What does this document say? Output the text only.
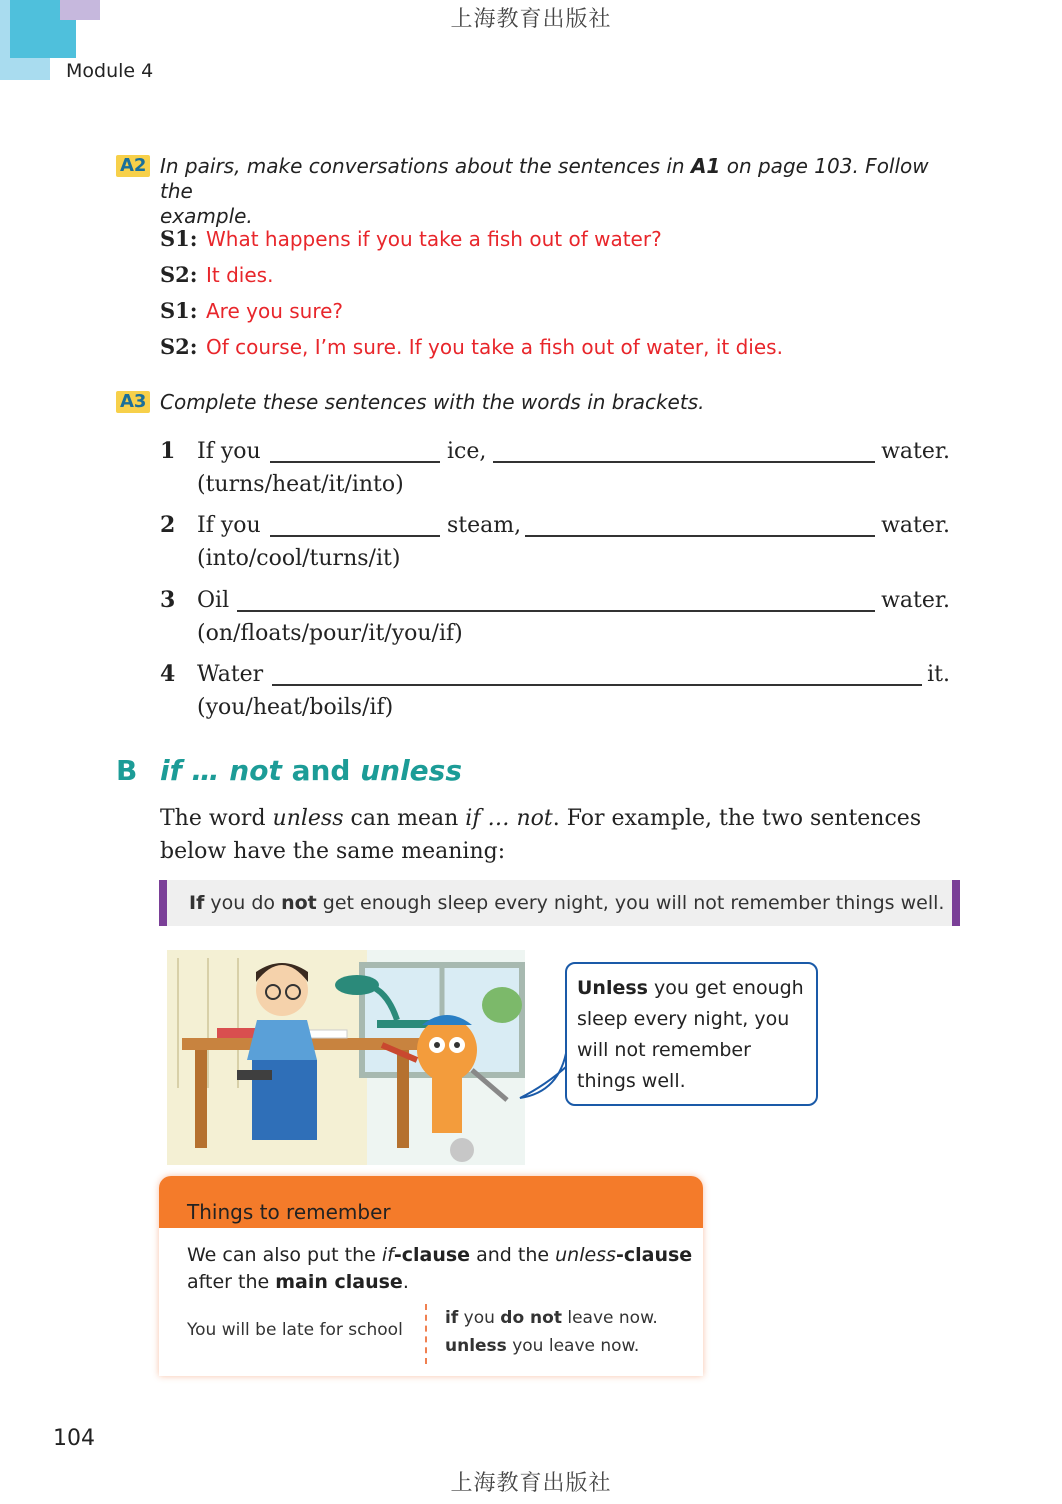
上海教育出版社
Module 4
A2 In pairs, make conversations about the sentences in A1 on page 103. Follow the
example.
S1: What happens if you take a fish out of water?
S2: It dies.
S1: Are you sure?
S2: Of course, I’m sure. If you take a fish out of water, it dies.
A3 Complete these sentences with the words in brackets.
1 If you	ice,	water.
(turns/heat/it/into)
2 If you	steam,	water.
(into/cool/turns/it)
3 Oil	water.
(on/floats/pour/it/you/if)
4 Water	it.
(you/heat/boils/if)
B if … not and unless
The word unless can mean if … not. For example, the two sentences below have the same meaning:
If you do not get enough sleep every night, you will not remember things well.
Unless you get enough sleep every night, you will not remember things well.
Things to remember
We can also put the if-clause and the unless-clause
after the main clause.
You will be late for school
if you do not leave now.
unless you leave now.
104
上海教育出版社
